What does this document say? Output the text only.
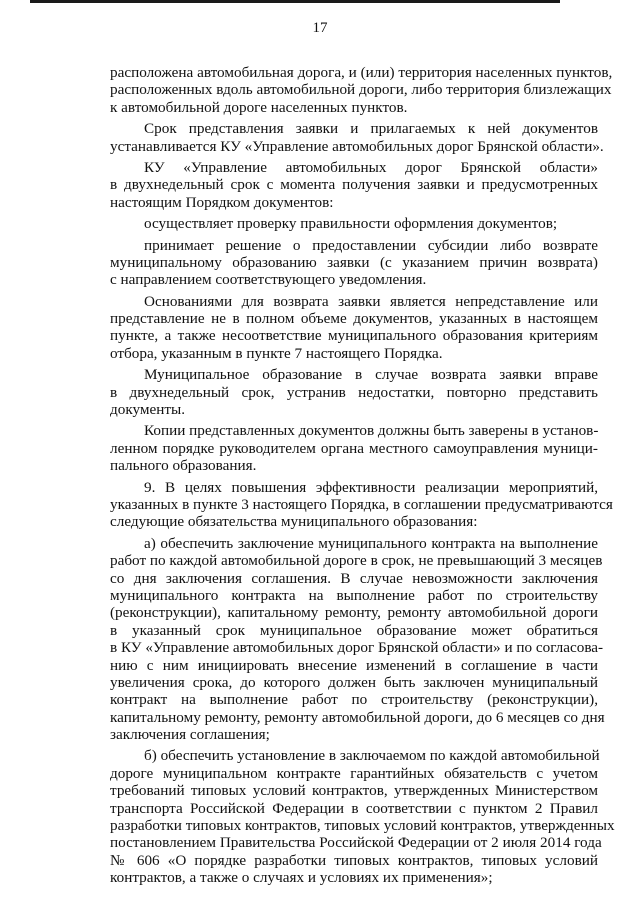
17
расположена автомобильная дорога, и (или) территория населенных пунктов,
расположенных вдоль автомобильной дороги, либо территория близлежащих
к автомобильной дороге населенных пунктов.
Срок представления заявки и прилагаемых к ней документов
устанавливается КУ «Управление автомобильных дорог Брянской области».
КУ «Управление автомобильных дорог Брянской области»
в двухнедельный срок с момента получения заявки и предусмотренных
настоящим Порядком документов:
осуществляет проверку правильности оформления документов;
принимает решение о предоставлении субсидии либо возврате
муниципальному образованию заявки (с указанием причин возврата)
с направлением соответствующего уведомления.
Основаниями для возврата заявки является непредставление или
представление не в полном объеме документов, указанных в настоящем
пункте, а также несоответствие муниципального образования критериям
отбора, указанным в пункте 7 настоящего Порядка.
Муниципальное образование в случае возврата заявки вправе
в двухнедельный срок, устранив недостатки, повторно представить
документы.
Копии представленных документов должны быть заверены в установ-
ленном порядке руководителем органа местного самоуправления муници-
пального образования.
9. В целях повышения эффективности реализации мероприятий,
указанных в пункте 3 настоящего Порядка, в соглашении предусматриваются
следующие обязательства муниципального образования:
а) обеспечить заключение муниципального контракта на выполнение
работ по каждой автомобильной дороге в срок, не превышающий 3 месяцев
со дня заключения соглашения. В случае невозможности заключения
муниципального контракта на выполнение работ по строительству
(реконструкции), капитальному ремонту, ремонту автомобильной дороги
в указанный срок муниципальное образование может обратиться
в КУ «Управление автомобильных дорог Брянской области» и по согласова-
нию с ним инициировать внесение изменений в соглашение в части
увеличения срока, до которого должен быть заключен муниципальный
контракт на выполнение работ по строительству (реконструкции),
капитальному ремонту, ремонту автомобильной дороги, до 6 месяцев со дня
заключения соглашения;
б) обеспечить установление в заключаемом по каждой автомобильной
дороге муниципальном контракте гарантийных обязательств с учетом
требований типовых условий контрактов, утвержденных Министерством
транспорта Российской Федерации в соответствии с пунктом 2 Правил
разработки типовых контрактов, типовых условий контрактов, утвержденных
постановлением Правительства Российской Федерации от 2 июля 2014 года
№ 606 «О порядке разработки типовых контрактов, типовых условий
контрактов, а также о случаях и условиях их применения»;
